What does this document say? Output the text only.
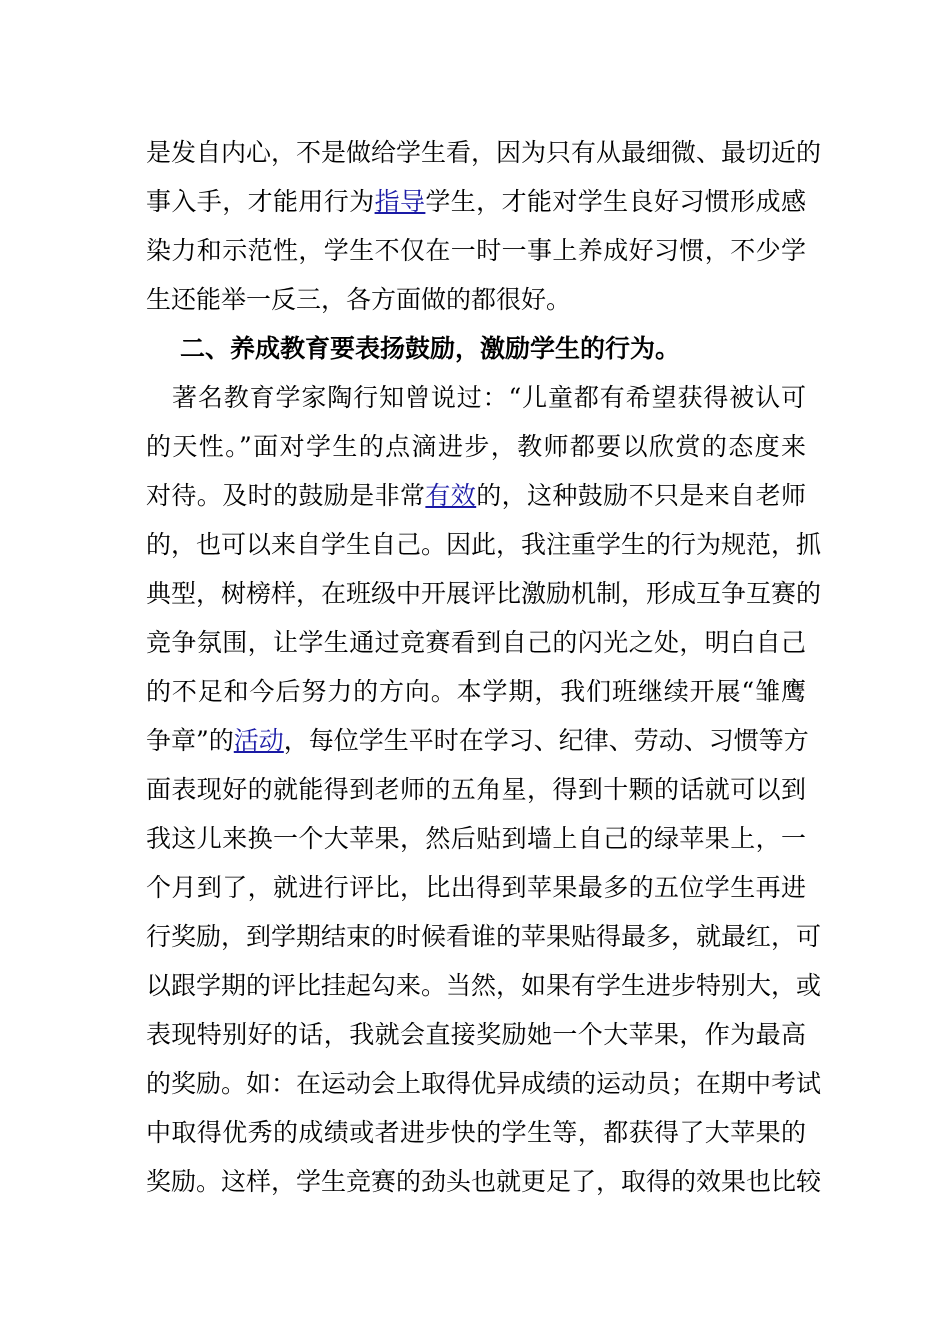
是发自内心，不是做给学生看，因为只有从最细微、最切近的
事入手，才能用行为指导学生，才能对学生良好习惯形成感
染力和示范性，学生不仅在一时一事上养成好习惯，不少学
生还能举一反三，各方面做的都很好。
二、养成教育要表扬鼓励，激励学生的行为。
著名教育学家陶行知曾说过：“儿童都有希望获得被认可
的天性。”面对学生的点滴进步，教师都要以欣赏的态度来
对待。及时的鼓励是非常有效的，这种鼓励不只是来自老师
的，也可以来自学生自己。因此，我注重学生的行为规范，抓
典型，树榜样，在班级中开展评比激励机制，形成互争互赛的
竞争氛围，让学生通过竞赛看到自己的闪光之处，明白自己
的不足和今后努力的方向。本学期，我们班继续开展“雏鹰
争章”的活动，每位学生平时在学习、纪律、劳动、习惯等方
面表现好的就能得到老师的五角星，得到十颗的话就可以到
我这儿来换一个大苹果，然后贴到墙上自己的绿苹果上，一
个月到了，就进行评比，比出得到苹果最多的五位学生再进
行奖励，到学期结束的时候看谁的苹果贴得最多，就最红，可
以跟学期的评比挂起勾来。当然，如果有学生进步特别大，或
表现特别好的话，我就会直接奖励她一个大苹果，作为最高
的奖励。如：在运动会上取得优异成绩的运动员；在期中考试
中取得优秀的成绩或者进步快的学生等，都获得了大苹果的
奖励。这样，学生竞赛的劲头也就更足了，取得的效果也比较
